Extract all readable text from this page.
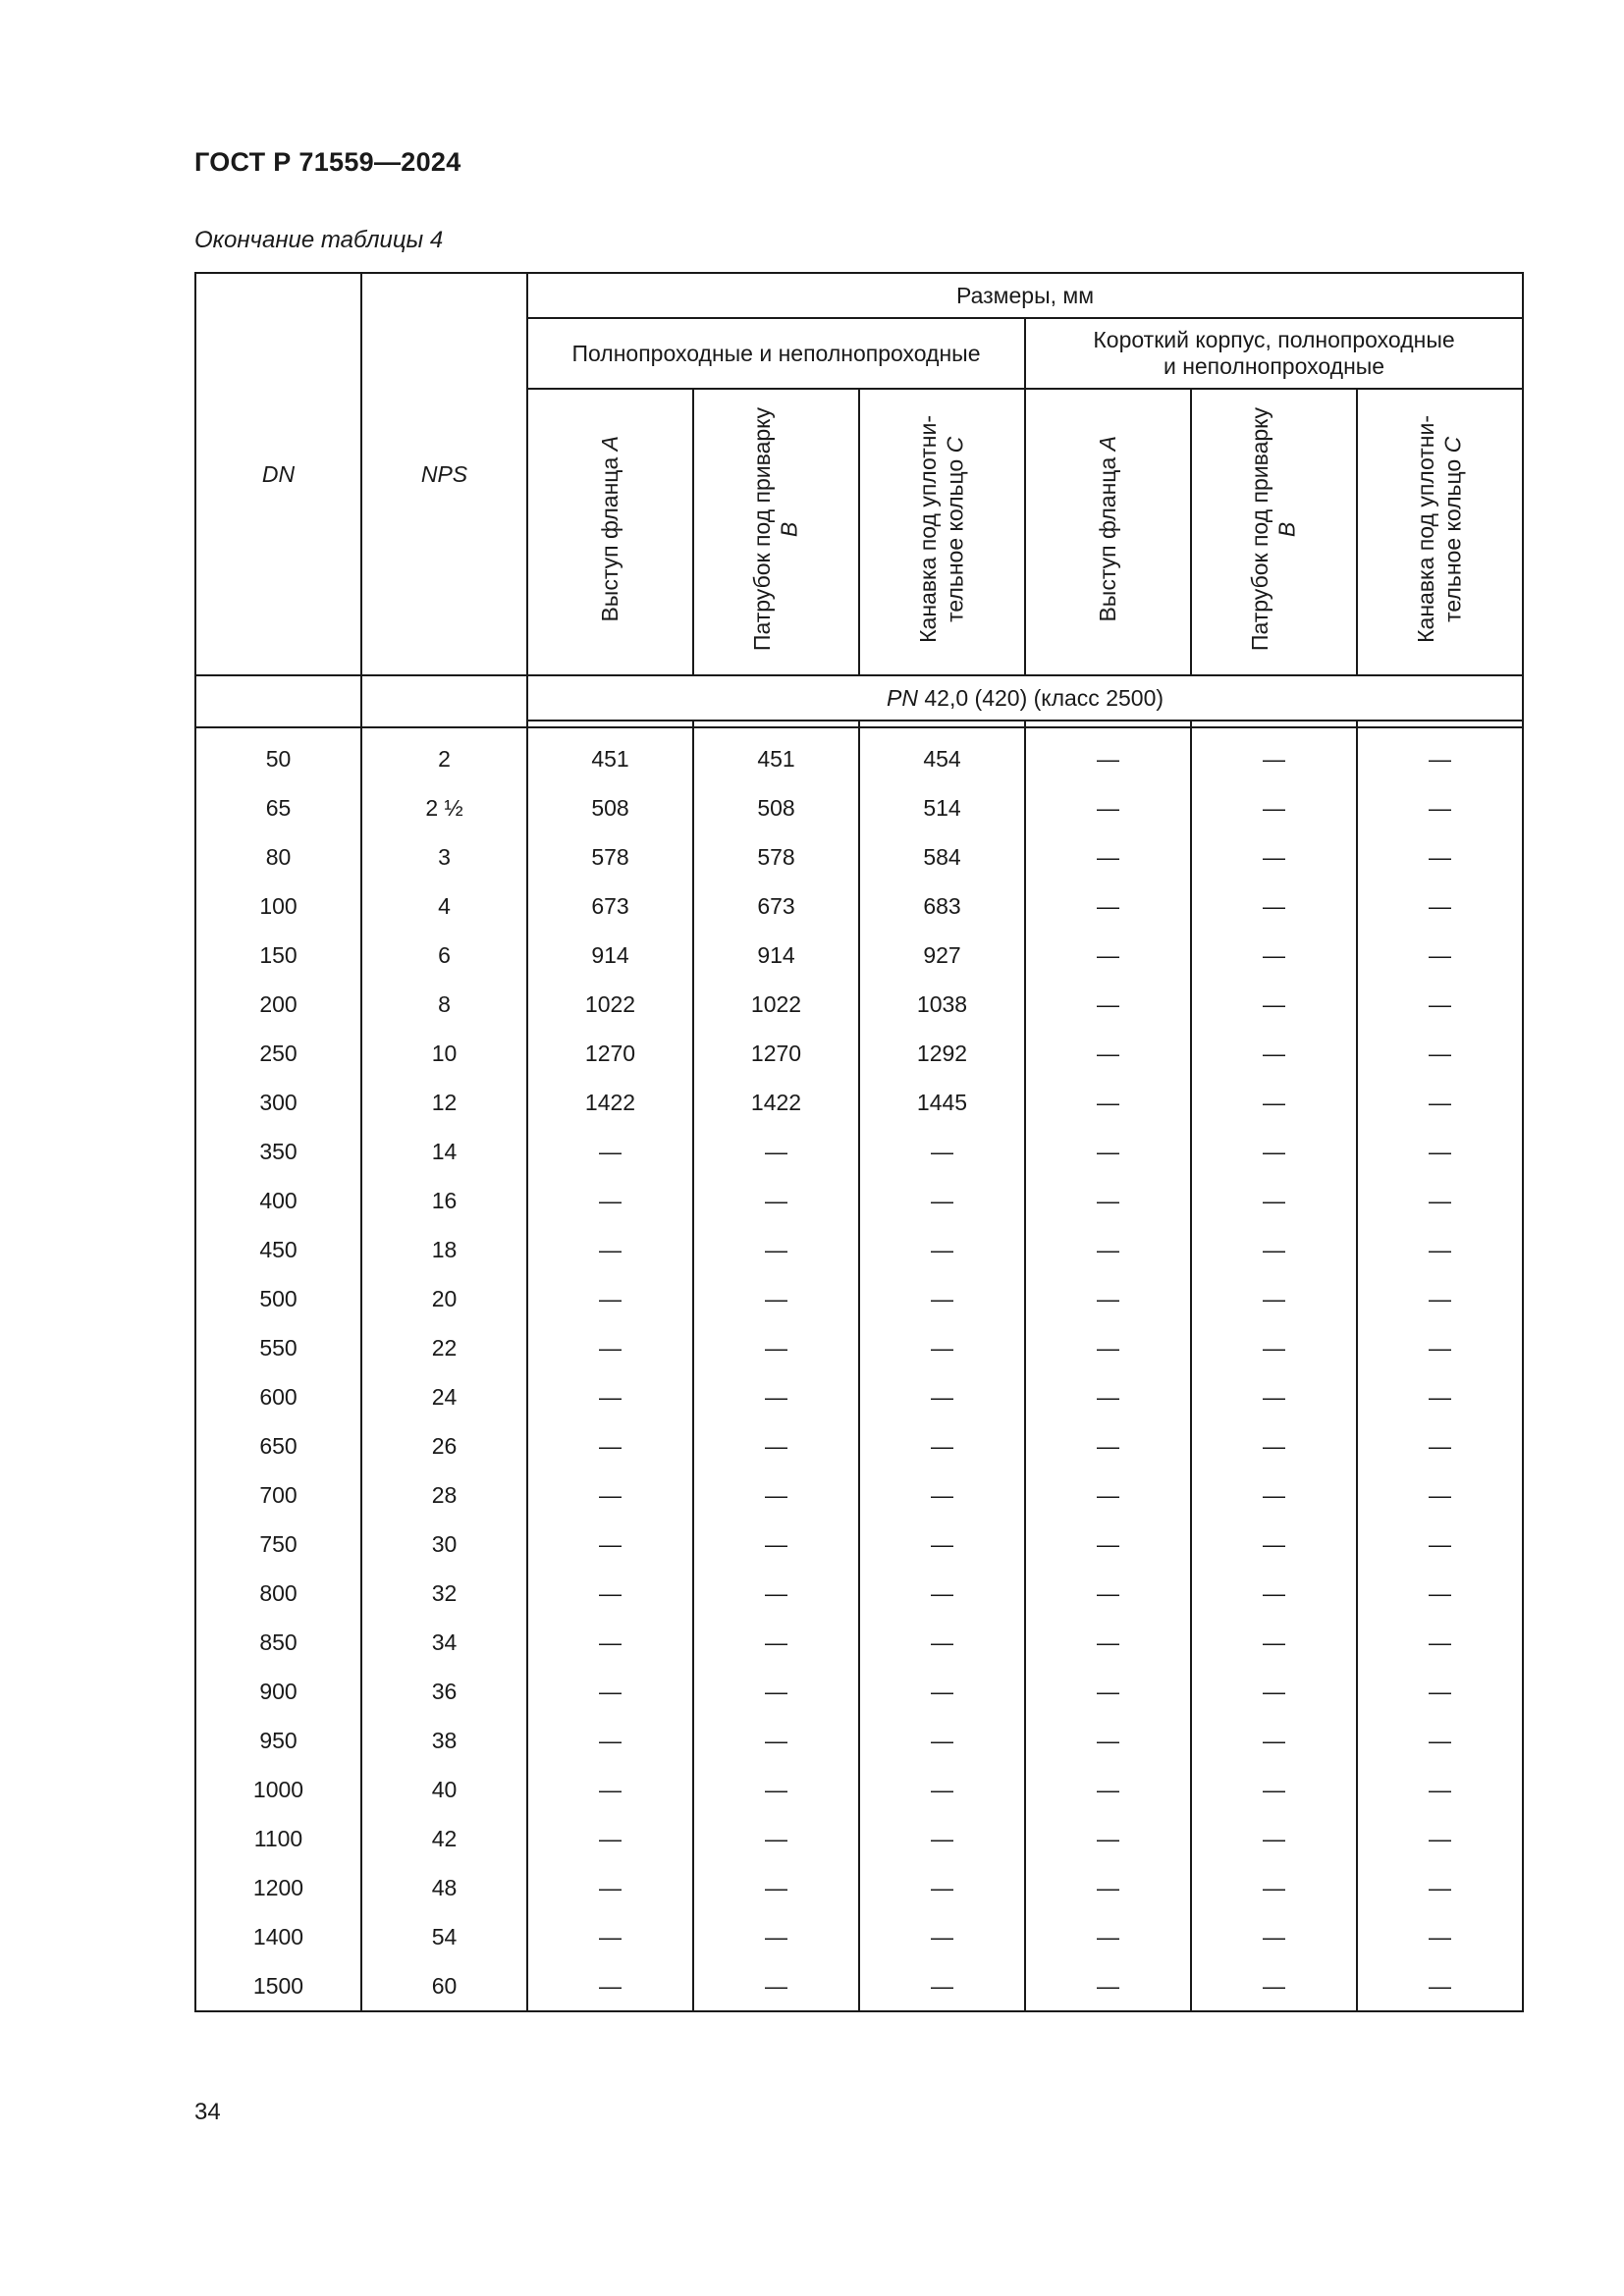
ГОСТ Р 71559—2024
Окончание таблицы 4
DN	NPS	Размеры, мм					
		Полнопроходные и неполнопроходные			Короткий корпус, полнопроходные
и неполнопроходные		
		Выступ фланца A	Патрубок под приварку
B	Канавка под уплотни-
тельное кольцо C	Выступ фланца A	Патрубок под приварку
B	Канавка под уплотни-
тельное кольцо C
		PN 42,0 (420) (класс 2500)					

50	2	451	451	454	—	—	—
65	2 ½	508	508	514	—	—	—
80	3	578	578	584	—	—	—
100	4	673	673	683	—	—	—
150	6	914	914	927	—	—	—
200	8	1022	1022	1038	—	—	—
250	10	1270	1270	1292	—	—	—
300	12	1422	1422	1445	—	—	—
350	14	—	—	—	—	—	—
400	16	—	—	—	—	—	—
450	18	—	—	—	—	—	—
500	20	—	—	—	—	—	—
550	22	—	—	—	—	—	—
600	24	—	—	—	—	—	—
650	26	—	—	—	—	—	—
700	28	—	—	—	—	—	—
750	30	—	—	—	—	—	—
800	32	—	—	—	—	—	—
850	34	—	—	—	—	—	—
900	36	—	—	—	—	—	—
950	38	—	—	—	—	—	—
1000	40	—	—	—	—	—	—
1100	42	—	—	—	—	—	—
1200	48	—	—	—	—	—	—
1400	54	—	—	—	—	—	—
1500	60	—	—	—	—	—	—
34
